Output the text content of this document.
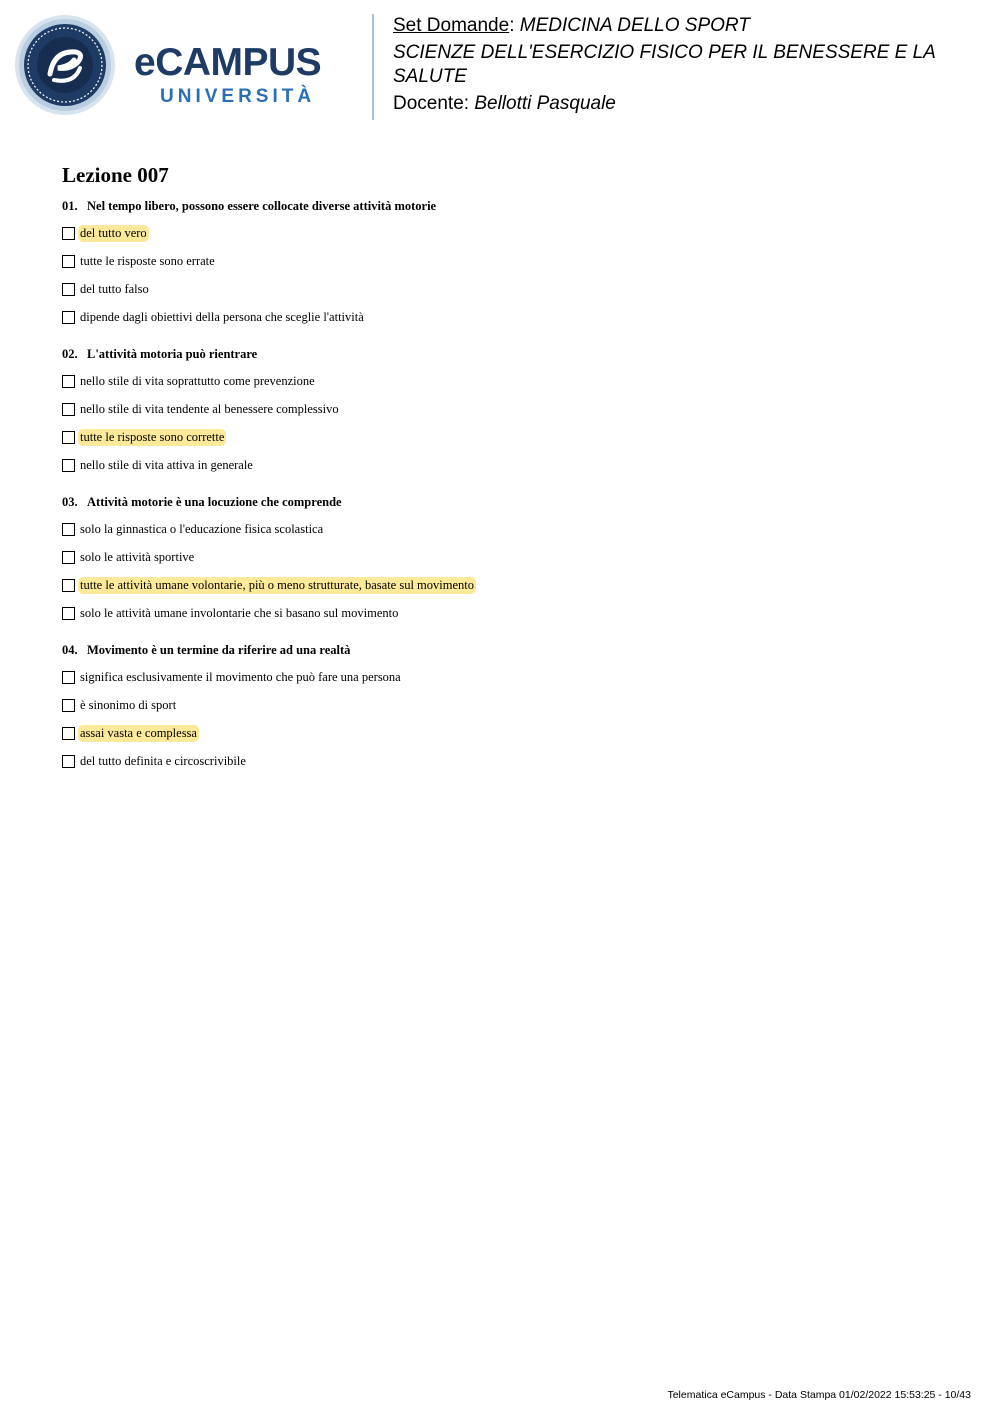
eCAMPUS
UNIVERSITÀ

Set Domande: MEDICINA DELLO SPORT

SCIENZE DELL'ESERCIZIO FISICO PER IL BENESSERE E LA SALUTE

Docente: Bellotti Pasquale

Lezione 007

01. Nel tempo libero, possono essere collocate diverse attività motorie

del tutto vero
tutte le risposte sono errate
del tutto falso
dipende dagli obiettivi della persona che sceglie l'attività

02. L'attività motoria può rientrare

nello stile di vita soprattutto come prevenzione
nello stile di vita tendente al benessere complessivo
tutte le risposte sono corrette
nello stile di vita attiva in generale

03. Attività motorie è una locuzione che comprende

solo la ginnastica o l'educazione fisica scolastica
solo le attività sportive
tutte le attività umane volontarie, più o meno strutturate, basate sul movimento
solo le attività umane involontarie che si basano sul movimento

04. Movimento è un termine da riferire ad una realtà

significa esclusivamente il movimento che può fare una persona
è sinonimo di sport
assai vasta e complessa
del tutto definita e circoscrivibile
Telematica eCampus - Data Stampa 01/02/2022 15:53:25 - 10/43
